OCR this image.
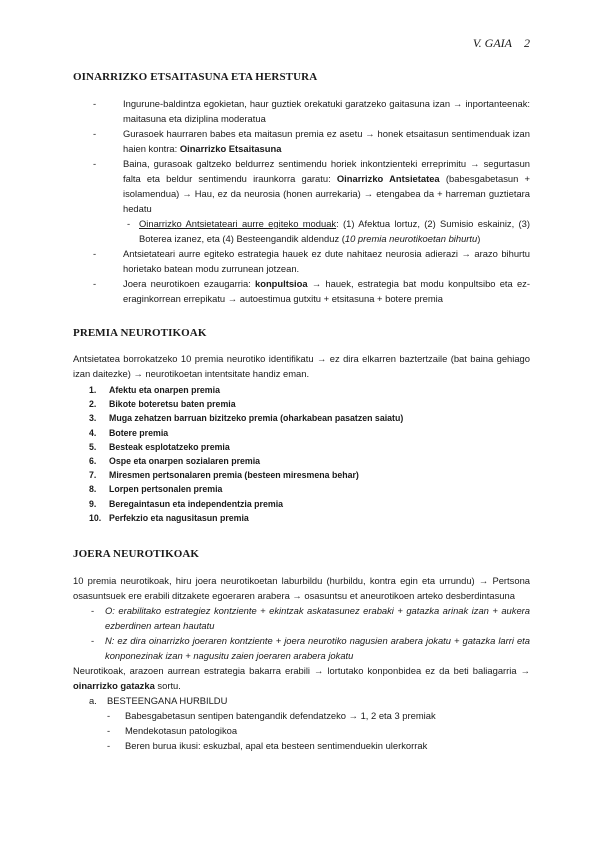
V. GAIA 2
OINARRIZKO ETSAITASUNA ETA HERSTURA
- Ingurune-baldintza egokietan, haur guztiek orekatuki garatzeko gaitasuna izan → inportanteenak: maitasuna eta diziplina moderatua
- Gurasoek haurraren babes eta maitasun premia ez asetu → honek etsaitasun sentimenduak izan haien kontra: Oinarrizko Etsaitasuna
- Baina, gurasoak galtzeko beldurrez sentimendu horiek inkontzienteki erreprimitu → segurtasun falta eta beldur sentimendu iraunkorra garatu: Oinarrizko Antsietatea (babesgabetasun + isolamendua) → Hau, ez da neurosia (honen aurrekaria) → etengabea da + harreman guztietara hedatu
- Oinarrizko Antsietateari aurre egiteko moduak: (1) Afektua lortuz, (2) Sumisio eskainiz, (3) Boterea izanez, eta (4) Besteengandik aldenduz (10 premia neurotikoetan bihurtu)
- Antsietateari aurre egiteko estrategia hauek ez dute nahitaez neurosia adierazi → arazo bihurtu horietako batean modu zurrunean jotzean.
- Joera neurotikoen ezaugarria: konpultsioa → hauek, estrategia bat modu konpultsibo eta ez-eraginkorrean errepikatu → autoestimua gutxitu + etsitasuna + botere premia
PREMIA NEUROTIKOAK

Antsietatea borrokatzeko 10 premia neurotiko identifikatu → ez dira elkarren baztertzaile (bat baina gehiago izan daitezke) → neurotikoetan intentsitate handiz eman.

1. Afektu eta onarpen premia
2. Bikote boteretsu baten premia
3. Muga zehatzen barruan bizitzeko premia (oharkabean pasatzen saiatu)
4. Botere premia
5. Besteak esplotatzeko premia
6. Ospe eta onarpen sozialaren premia
7. Miresmen pertsonalaren premia (besteen miresmena behar)
8. Lorpen pertsonalen premia
9. Beregaintasun eta independentzia premia
10. Perfekzio eta nagusitasun premia
JOERA NEUROTIKOAK

10 premia neurotikoak, hiru joera neurotikoetan laburbildu (hurbildu, kontra egin eta urrundu) → Pertsona osasuntsuek ere erabili ditzakete egoeraren arabera → osasuntsu et aneurotikoen arteko desberdintasuna

- O: erabilitako estrategiez kontziente + ekintzak askatasunez erabaki + gatazka arinak izan + aukera ezberdinen artean hautatu
- N: ez dira oinarrizko joeraren kontziente + joera neurotiko nagusien arabera jokatu + gatazka larri eta konponezinak izan + nagusitu zaien joeraren arabera jokatu

Neurotikoak, arazoen aurrean estrategia bakarra erabili → lortutako konponbidea ez da beti baliagarria → oinarrizko gatazka sortu.

a. BESTEENGANA HURBILDU
- Babesgabetasun sentipen batengandik defendatzeko → 1, 2 eta 3 premiak
- Mendekotasun patologikoa
- Beren burua ikusi: eskuzbal, apal eta besteen sentimenduekin ulerkorrak
